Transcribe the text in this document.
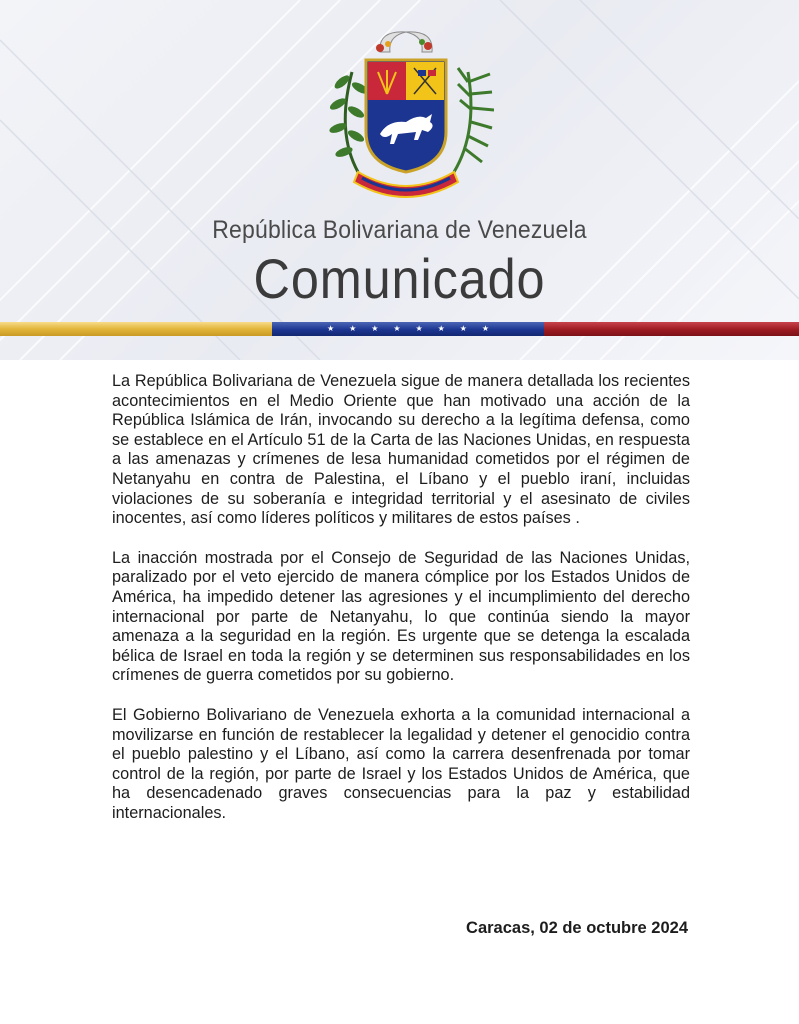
República Bolivariana de Venezuela
Comunicado
★ ★ ★ ★ ★ ★ ★ ★

La República Bolivariana de Venezuela sigue de manera detallada los recientes acontecimientos en el Medio Oriente que han motivado una acción de la República Islámica de Irán, invocando su derecho a la legítima defensa, como se establece en el Artículo 51 de la Carta de las Naciones Unidas, en respuesta a las amenazas y crímenes de lesa humanidad cometidos por el régimen de Netanyahu en contra de Palestina, el Líbano y el pueblo iraní, incluidas violaciones de su soberanía e integridad territorial y el asesinato de civiles inocentes, así como líderes políticos y militares de estos países .

La inacción mostrada por el Consejo de Seguridad de las Naciones Unidas, paralizado por el veto ejercido de manera cómplice por los Estados Unidos de América, ha impedido detener las agresiones y el incumplimiento del derecho internacional por parte de Netanyahu, lo que continúa siendo la mayor amenaza a la seguridad en la región. Es urgente que se detenga la escalada bélica de Israel en toda la región y se determinen sus responsabilidades en los crímenes de guerra cometidos por su gobierno.

El Gobierno Bolivariano de Venezuela exhorta a la comunidad internacional a movilizarse en función de restablecer la legalidad y detener el genocidio contra el pueblo palestino y el Líbano, así como la carrera desenfrenada por tomar control de la región, por parte de Israel y los Estados Unidos de América, que ha desencadenado graves consecuencias para la paz y estabilidad internacionales.

Caracas, 02 de octubre 2024
